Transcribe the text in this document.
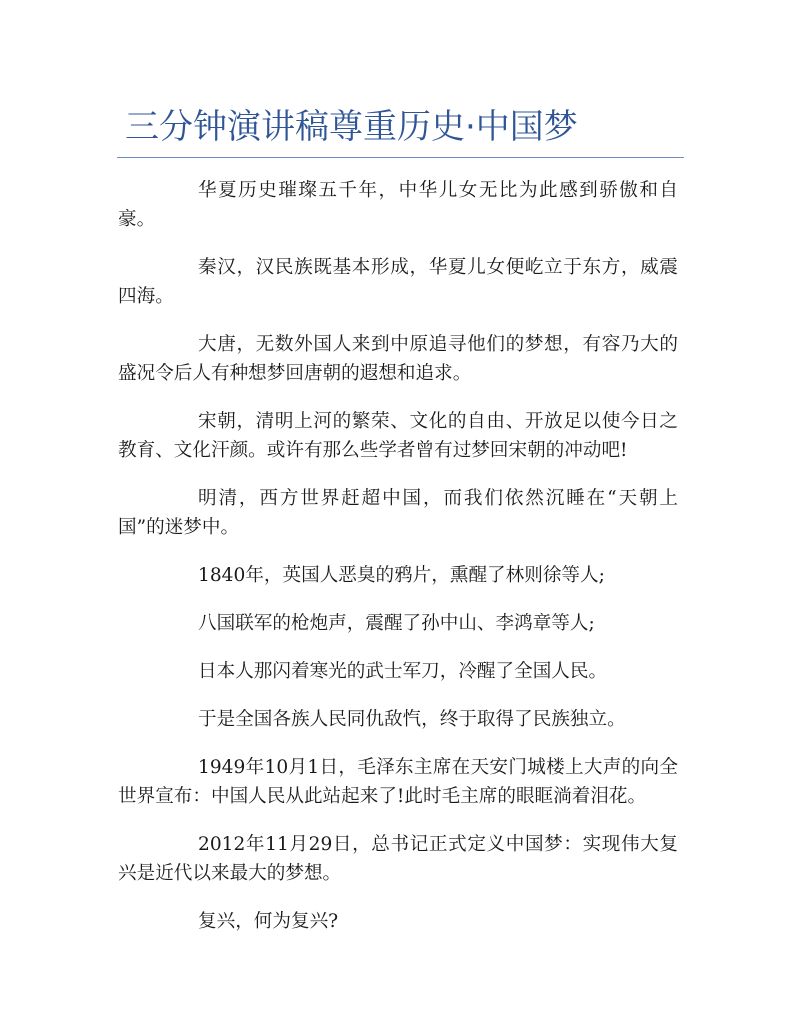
三分钟演讲稿尊重历史·中国梦

华夏历史璀璨五千年，中华儿女无比为此感到骄傲和自豪。

秦汉，汉民族既基本形成，华夏儿女便屹立于东方，威震四海。

大唐，无数外国人来到中原追寻他们的梦想，有容乃大的盛况令后人有种想梦回唐朝的遐想和追求。

宋朝，清明上河的繁荣、文化的自由、开放足以使今日之教育、文化汗颜。或许有那么些学者曾有过梦回宋朝的冲动吧!

明清，西方世界赶超中国，而我们依然沉睡在“天朝上国”的迷梦中。

1840年，英国人恶臭的鸦片，熏醒了林则徐等人;

八国联军的枪炮声，震醒了孙中山、李鸿章等人;

日本人那闪着寒光的武士军刀，冷醒了全国人民。

于是全国各族人民同仇敌忾，终于取得了民族独立。

1949年10月1日，毛泽东主席在天安门城楼上大声的向全世界宣布：中国人民从此站起来了!此时毛主席的眼眶淌着泪花。

2012年11月29日，总书记正式定义中国梦：实现伟大复兴是近代以来最大的梦想。

复兴，何为复兴?
